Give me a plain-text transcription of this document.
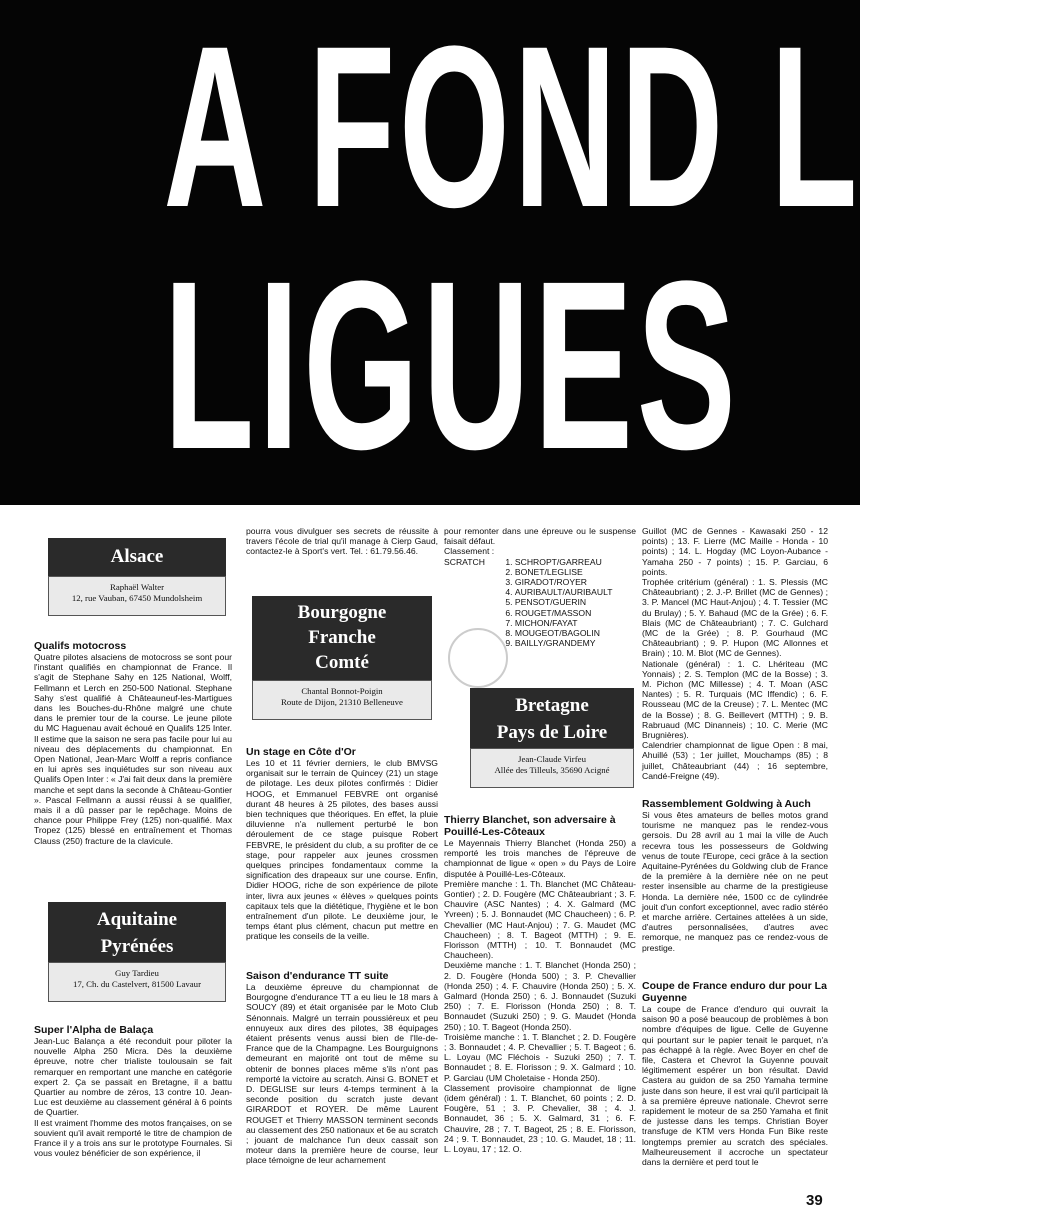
A FOND LES
LIGUES
Alsace
Raphaël Walter
12, rue Vauban, 67450 Mundolsheim

Qualifs motocross

Quatre pilotes alsaciens de motocross se sont pour l'instant qualifiés en championnat de France. Il s'agit de Stephane Sahy en 125 National, Wolff, Fellmann et Lerch en 250-500 National. Stephane Sahy s'est qualifié à Châteauneuf-les-Martigues dans les Bouches-du-Rhône malgré une chute dans le premier tour de la course. Le jeune pilote du MC Haguenau avait échoué en Qualifs 125 Inter. Il estime que la saison ne sera pas facile pour lui au niveau des déplacements du championnat. En Open National, Jean-Marc Wolff a repris confiance en lui après ses inquiétudes sur son niveau aux Qualifs Open Inter : « J'ai fait deux dans la première manche et sept dans la seconde à Château-Gontier ». Pascal Fellmann a aussi réussi à se qualifier, mais il a dû passer par le repêchage. Moins de chance pour Philippe Frey (125) non-qualifié. Max Tropez (125) blessé en entraînement et Thomas Clauss (250) fracture de la clavicule.

Aquitaine
Pyrénées
Guy Tardieu
17, Ch. du Castelvert, 81500 Lavaur

Super l'Alpha de Balaça

Jean-Luc Balança a été reconduit pour piloter la nouvelle Alpha 250 Micra. Dès la deuxième épreuve, notre cher trialiste toulousain se fait remarquer en remportant une manche en catégorie expert 2. Ça se passait en Bretagne, il a battu Quartier au nombre de zéros, 13 contre 10. Jean-Luc est deuxième au classement général à 6 points de Quartier.

Il est vraiment l'homme des motos françaises, on se souvient qu'il avait remporté le titre de champion de France il y a trois ans sur le prototype Fournales. Si vous voulez bénéficier de son expérience, il

pourra vous divulguer ses secrets de réussite à travers l'école de trial qu'il manage à Cierp Gaud, contactez-le à Sport's vert. Tel. : 61.79.56.46.

Bourgogne
Franche
Comté
Chantal Bonnot-Poigin
Route de Dijon, 21310 Belleneuve

Un stage en Côte d'Or

Les 10 et 11 février derniers, le club BMVSG organisait sur le terrain de Quincey (21) un stage de pilotage. Les deux pilotes confirmés : Didier HOOG, et Emmanuel FEBVRE ont organisé durant 48 heures à 25 pilotes, des bases aussi bien techniques que théoriques. En effet, la pluie diluvienne n'a nullement perturbé le bon déroulement de ce stage puisque Robert FEBVRE, le président du club, a su profiter de ce stage, pour rappeler aux jeunes crossmen quelques principes fondamentaux comme la signification des drapeaux sur une course. Enfin, Didier HOOG, riche de son expérience de pilote inter, livra aux jeunes « élèves » quelques points capitaux tels que la diététique, l'hygiène et le bon entraînement d'un pilote. Le deuxième jour, le temps étant plus clément, chacun put mettre en pratique les conseils de la veille.

Saison d'endurance TT suite

La deuxième épreuve du championnat de Bourgogne d'endurance TT a eu lieu le 18 mars à SOUCY (89) et était organisée par le Moto Club Sénonnais. Malgré un terrain poussiéreux et peu ennuyeux aux dires des pilotes, 38 équipages étaient présents venus aussi bien de l'Ile-de-France que de la Champagne. Les Bourguignons demeurant en majorité ont tout de même su obtenir de bonnes places même s'ils n'ont pas remporté la victoire au scratch. Ainsi G. BONET et D. DEGLISE sur leurs 4-temps terminent à la seconde position du scratch juste devant GIRARDOT et ROYER. De même Laurent ROUGET et Thierry MASSON terminent seconds au classement des 250 nationaux et 6e au scratch ; jouant de malchance l'un deux cassait son moteur dans la première heure de course, leur place témoigne de leur acharnement

pour remonter dans une épreuve ou le suspense faisait défaut.

Classement :

SCRATCH
1.	SCHROPT/GARREAU
2. BONET/LEGLISE
3. GIRADOT/ROYER
4. AURIBAULT/AURIBAULT
5. PENSOT/GUERIN
6. ROUGET/MASSON
7. MICHON/FAYAT
8. MOUGEOT/BAGOLIN
9. BAILLY/GRANDEMY
Bretagne
Pays de Loire
Jean-Claude Virfeu
Allée des Tilleuls, 35690 Acigné

Thierry Blanchet, son adversaire à Pouillé-Les-Côteaux

Le Mayennais Thierry Blanchet (Honda 250) a remporté les trois manches de l'épreuve de championnat de ligue « open » du Pays de Loire disputée à Pouillé-Les-Côteaux.

Première manche : 1. Th. Blanchet (MC Château-Gontier) ; 2. D. Fougère (MC Châteaubriant ; 3. F. Chauvire (ASC Nantes) ; 4. X. Galmard (MC Yvreen) ; 5. J. Bonnaudet (MC Chaucheen) ; 6. P. Chevallier (MC Haut-Anjou) ; 7. G. Maudet (MC Chaucheen) ; 8. T. Bageot (MTTH) ; 9. E. Florisson (MTTH) ; 10. T. Bonnaudet (MC Chaucheen).

Deuxième manche : 1. T. Blanchet (Honda 250) ; 2. D. Fougère (Honda 500) ; 3. P. Chevallier (Honda 250) ; 4. F. Chauvire (Honda 250) ; 5. X. Galmard (Honda 250) ; 6. J. Bonnaudet (Suzuki 250) ; 7. E. Florisson (Honda 250) ; 8. T. Bonnaudet (Suzuki 250) ; 9. G. Maudet (Honda 250) ; 10. T. Bageot (Honda 250).

Troisième manche : 1. T. Blanchet ; 2. D. Fougère ; 3. Bonnaudet ; 4. P. Chevallier ; 5. T. Bageot ; 6. L. Loyau (MC Fléchois - Suzuki 250) ; 7. T. Bonnaudet ; 8. E. Florisson ; 9. X. Galmard ; 10. P. Garciau (UM Choletaise - Honda 250).

Classement provisoire championnat de ligne (idem général) : 1. T. Blanchet, 60 points ; 2. D. Fougère, 51 ; 3. P. Chevalier, 38 ; 4. J. Bonnaudet, 36 ; 5. X. Galmard, 31 ; 6. F. Chauvire, 28 ; 7. T. Bageot, 25 ; 8. E. Florisson, 24 ; 9. T. Bonnaudet, 23 ; 10. G. Maudet, 18 ; 11. L. Loyau, 17 ; 12. O.

Guillot (MC de Gennes - Kawasaki 250 - 12 points) ; 13. F. Lierre (MC Maille - Honda - 10 points) ; 14. L. Hogday (MC Loyon-Aubance - Yamaha 250 - 7 points) ; 15. P. Garciau, 6 points.

Trophée critérium (général) : 1. S. Plessis (MC Châteaubriant) ; 2. J.-P. Brillet (MC de Gennes) ; 3. P. Mancel (MC Haut-Anjou) ; 4. T. Tessier (MC du Brulay) ; 5. Y. Bahaud (MC de la Grée) ; 6. F. Blais (MC de Châteaubriant) ; 7. C. Gulchard (MC de la Grée) ; 8. P. Gourhaud (MC Châteaubriant) ; 9. P. Hupon (MC Allonnes et Brain) ; 10. M. Blot (MC de Gennes).

Nationale (général) : 1. C. Lhériteau (MC Yonnais) ; 2. S. Templon (MC de la Bosse) ; 3. M. Pichon (MC Millesse) ; 4. T. Moan (ASC Nantes) ; 5. R. Turquais (MC Iffendic) ; 6. F. Rousseau (MC de la Creuse) ; 7. L. Mentec (MC de la Bosse) ; 8. G. Beillevert (MTTH) ; 9. B. Rabruaud (MC Dinanneis) ; 10. C. Merie (MC Brugnières).

Calendrier championnat de ligue Open : 8 mai, Ahuillé (53) ; 1er juillet, Mouchamps (85) ; 8 juillet, Châteaubriant (44) ; 16 septembre, Candé-Freigne (49).

Rassemblement Goldwing à Auch

Si vous êtes amateurs de belles motos grand tourisme ne manquez pas le rendez-vous gersois. Du 28 avril au 1 mai la ville de Auch recevra tous les possesseurs de Goldwing venus de toute l'Europe, ceci grâce à la section Aquitaine-Pyrénées du Goldwing club de France de la première à la dernière née on ne peut rester insensible au charme de la prestigieuse Honda. La dernière née, 1500 cc de cylindrée jouit d'un confort exceptionnel, avec radio stéréo et marche arrière. Certaines attelées à un side, d'autres personnalisées, d'autres avec remorque, ne manquez pas ce rendez-vous de prestige.

Coupe de France enduro dur pour La Guyenne

La coupe de France d'enduro qui ouvrait la saison 90 a posé beaucoup de problèmes à bon nombre d'équipes de ligue. Celle de Guyenne qui pourtant sur le papier tenait le parquet, n'a pas échappé à la règle. Avec Boyer en chef de file, Castera et Chevrot la Guyenne pouvait légitimement espérer un bon résultat. David Castera au guidon de sa 250 Yamaha termine juste dans son heure, il est vrai qu'il participait là à sa première épreuve nationale. Chevrot serre rapidement le moteur de sa 250 Yamaha et finit de justesse dans les temps. Christian Boyer transfuge de KTM vers Honda Fun Bike reste longtemps premier au scratch des spéciales. Malheureusement il accroche un spectateur dans la dernière et perd tout le

39
